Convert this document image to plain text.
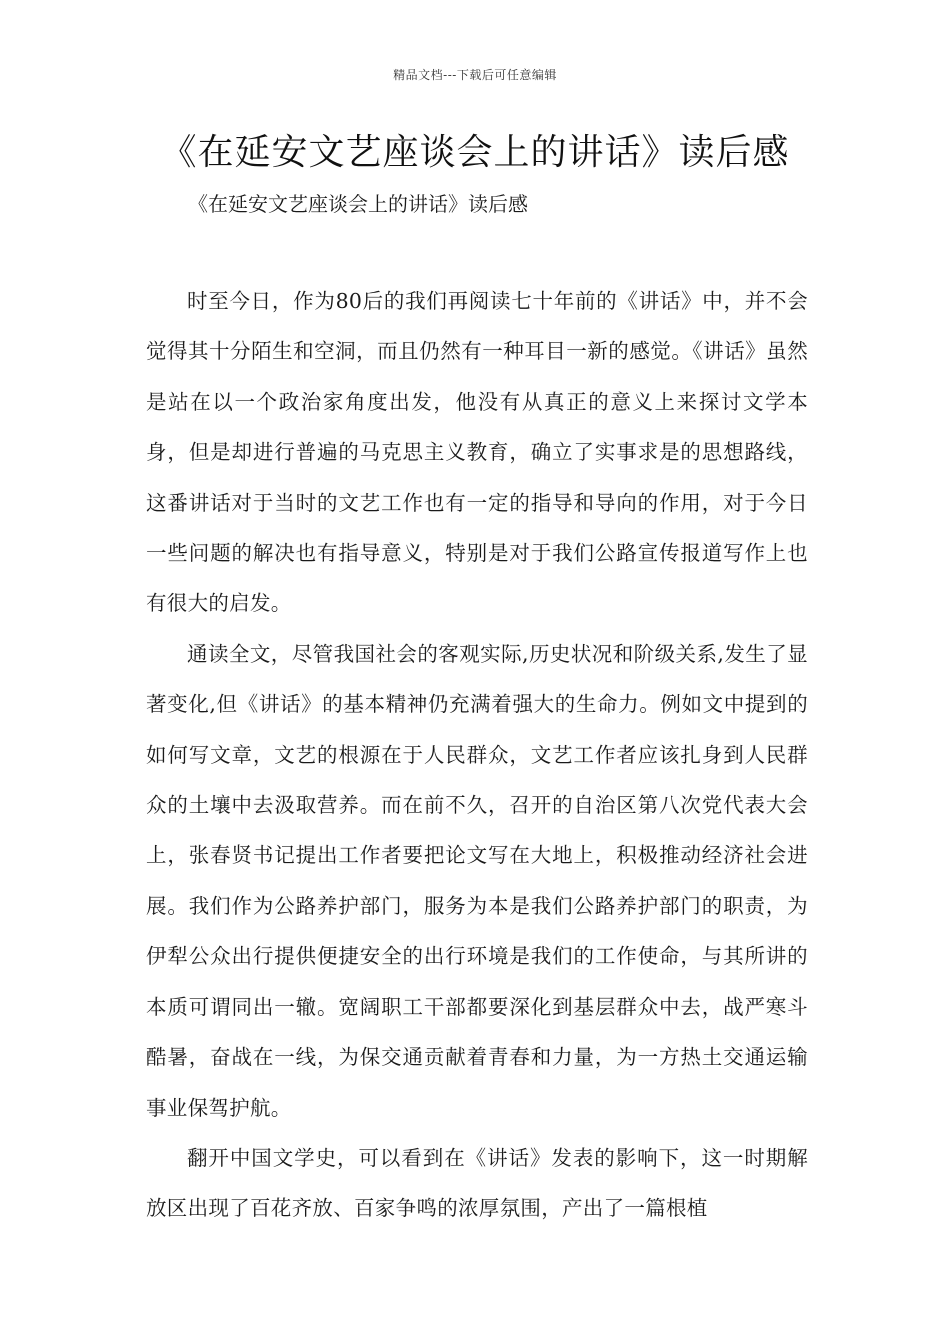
精品文档---下载后可任意编辑
《在延安文艺座谈会上的讲话》读后感
《在延安文艺座谈会上的讲话》读后感

时至今日，作为80后的我们再阅读七十年前的《讲话》中，并不会觉得其十分陌生和空洞，而且仍然有一种耳目一新的感觉。《讲话》虽然是站在以一个政治家角度出发，他没有从真正的意义上来探讨文学本身，但是却进行普遍的马克思主义教育，确立了实事求是的思想路线，这番讲话对于当时的文艺工作也有一定的指导和导向的作用，对于今日一些问题的解决也有指导意义，特别是对于我们公路宣传报道写作上也有很大的启发。

通读全文，尽管我国社会的客观实际,历史状况和阶级关系,发生了显著变化,但《讲话》的基本精神仍充满着强大的生命力。例如文中提到的如何写文章，文艺的根源在于人民群众，文艺工作者应该扎身到人民群众的土壤中去汲取营养。而在前不久，召开的自治区第八次党代表大会上，张春贤书记提出工作者要把论文写在大地上，积极推动经济社会进展。我们作为公路养护部门，服务为本是我们公路养护部门的职责，为伊犁公众出行提供便捷安全的出行环境是我们的工作使命，与其所讲的本质可谓同出一辙。宽阔职工干部都要深化到基层群众中去，战严寒斗酷暑，奋战在一线，为保交通贡献着青春和力量，为一方热土交通运输事业保驾护航。

翻开中国文学史，可以看到在《讲话》发表的影响下，这一时期解放区出现了百花齐放、百家争鸣的浓厚氛围，产出了一篇根植
